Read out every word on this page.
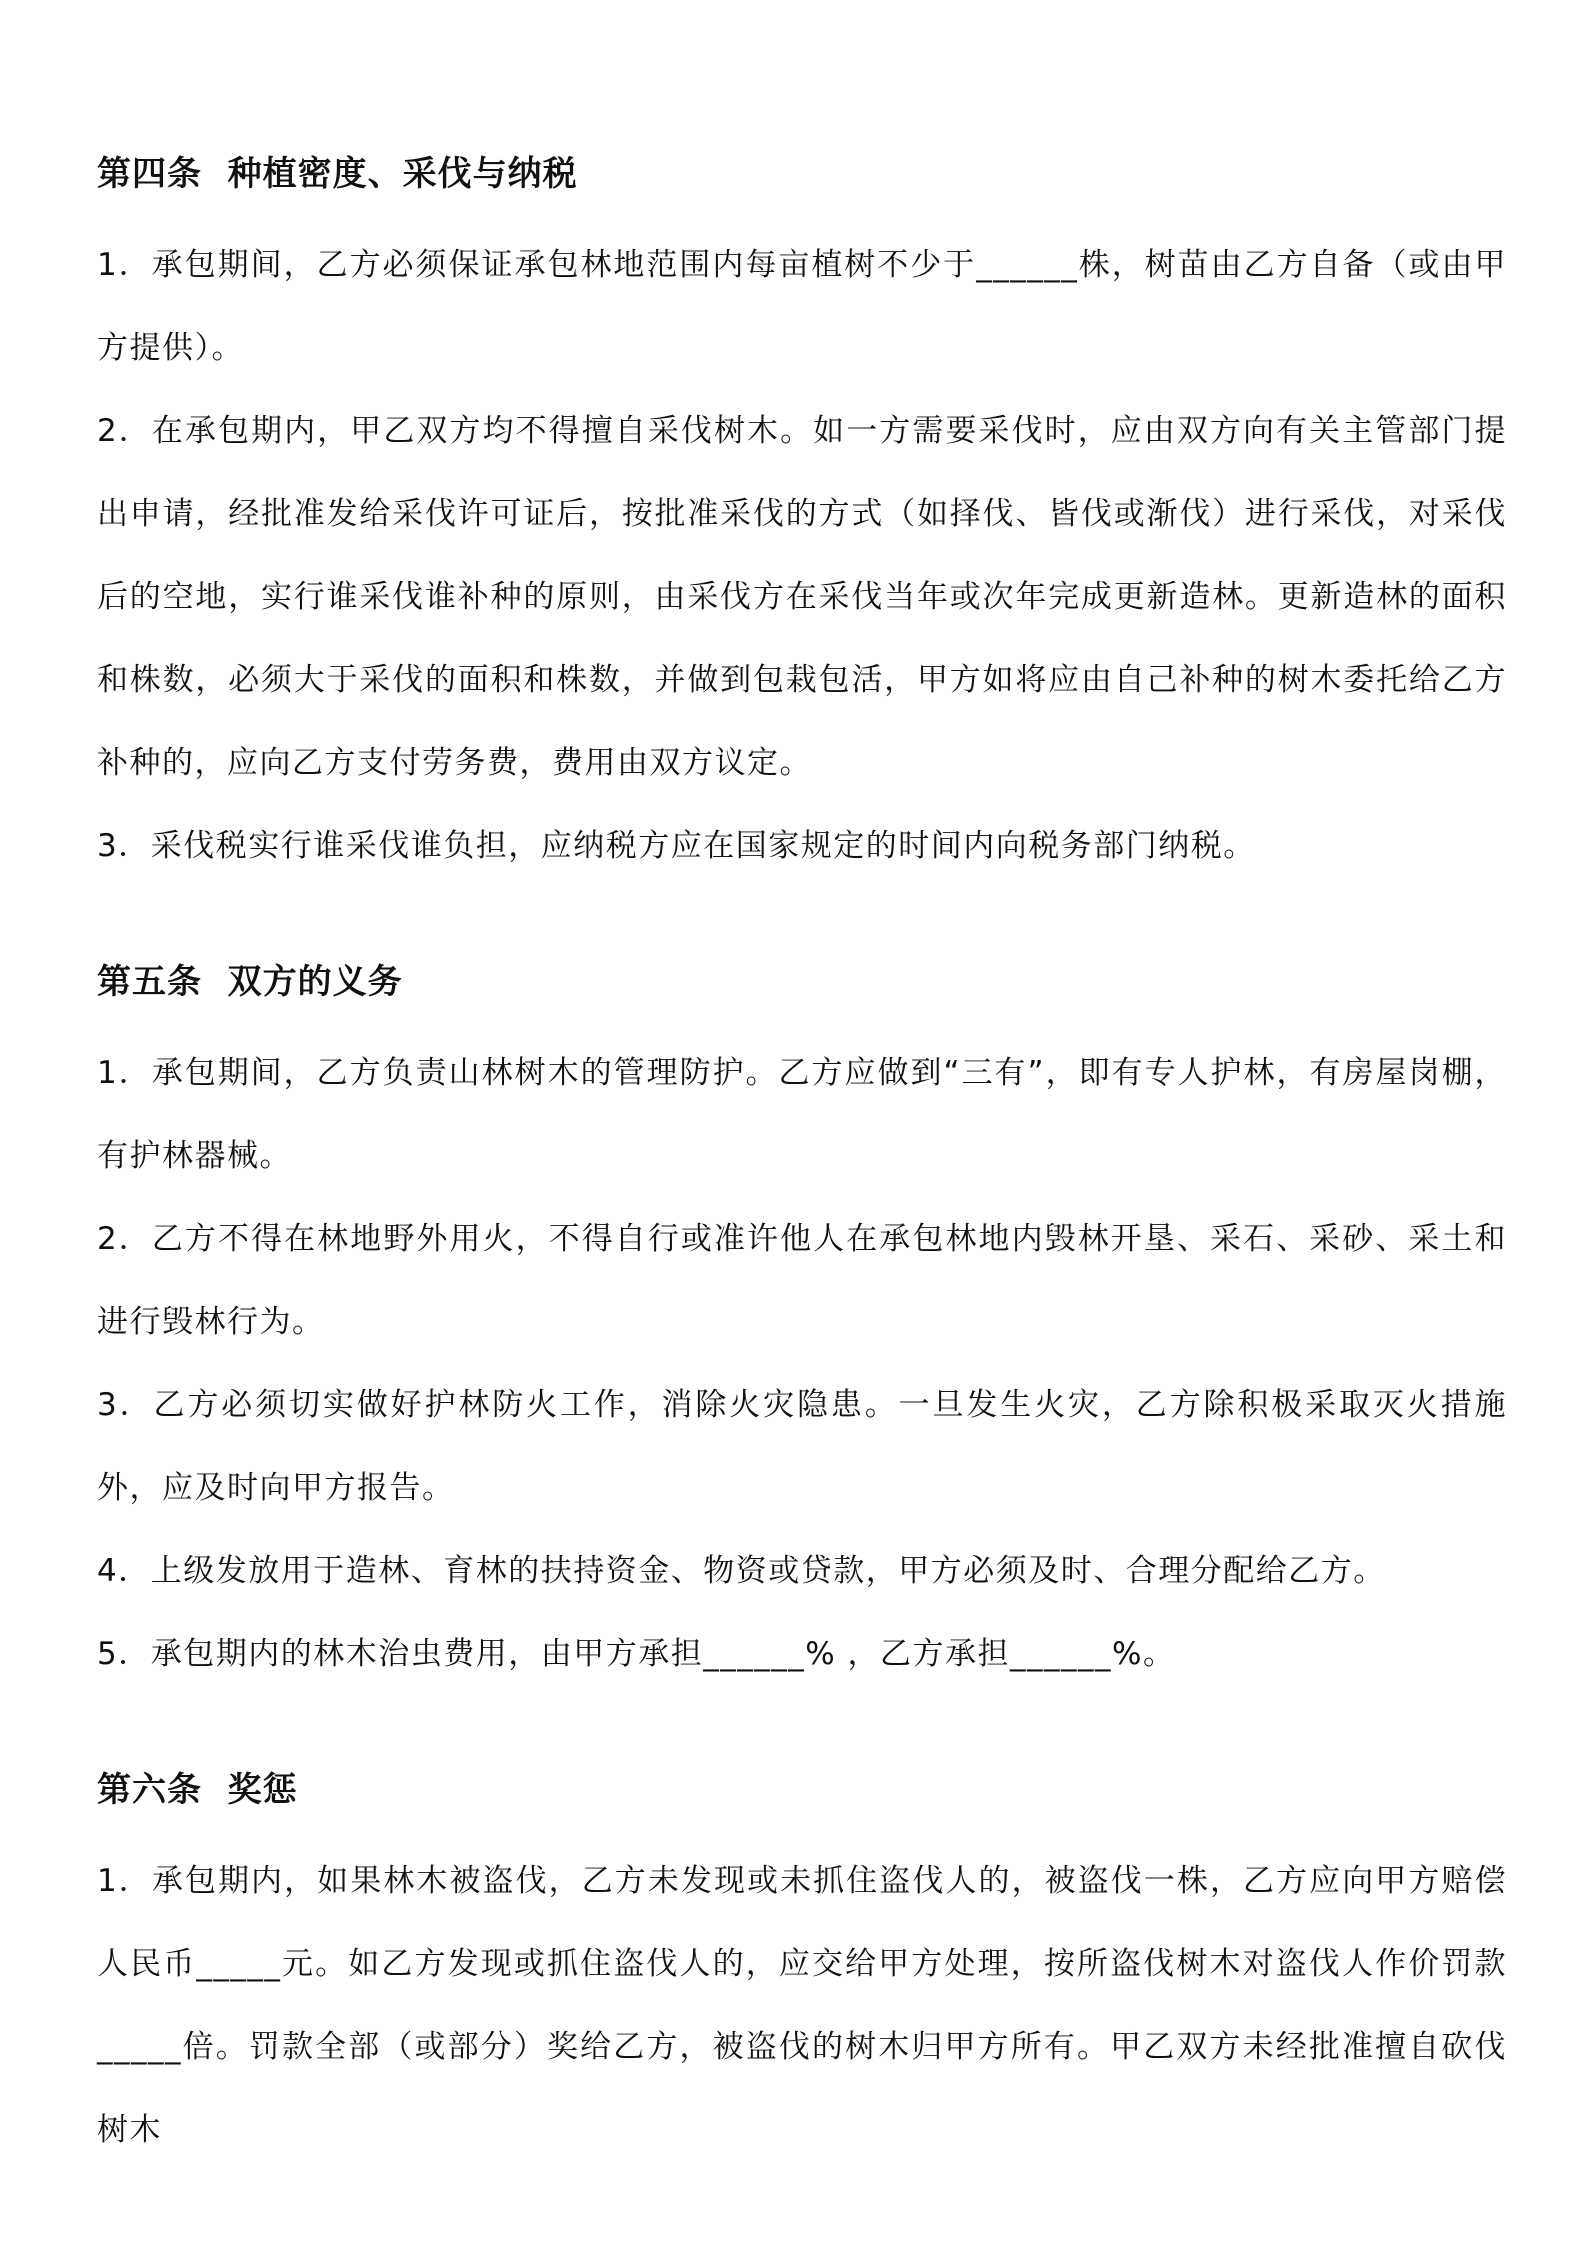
第四条  种植密度、采伐与纳税

1．承包期间，乙方必须保证承包林地范围内每亩植树不少于______株，树苗由乙方自备（或由甲方提供）。

2．在承包期内，甲乙双方均不得擅自采伐树木。如一方需要采伐时，应由双方向有关主管部门提出申请，经批准发给采伐许可证后，按批准采伐的方式（如择伐、皆伐或渐伐）进行采伐，对采伐后的空地，实行谁采伐谁补种的原则，由采伐方在采伐当年或次年完成更新造林。更新造林的面积和株数，必须大于采伐的面积和株数，并做到包栽包活，甲方如将应由自己补种的树木委托给乙方补种的，应向乙方支付劳务费，费用由双方议定。

3．采伐税实行谁采伐谁负担，应纳税方应在国家规定的时间内向税务部门纳税。

第五条  双方的义务

1．承包期间，乙方负责山林树木的管理防护。乙方应做到“三有”，即有专人护林，有房屋岗棚，有护林器械。

2．乙方不得在林地野外用火，不得自行或准许他人在承包林地内毁林开垦、采石、采砂、采土和进行毁林行为。

3．乙方必须切实做好护林防火工作，消除火灾隐患。一旦发生火灾，乙方除积极采取灭火措施外，应及时向甲方报告。

4．上级发放用于造林、育林的扶持资金、物资或贷款，甲方必须及时、合理分配给乙方。

5．承包期内的林木治虫费用，由甲方承担______% ，乙方承担______%。

第六条  奖惩

1．承包期内，如果林木被盗伐，乙方未发现或未抓住盗伐人的，被盗伐一株，乙方应向甲方赔偿人民币_____元。如乙方发现或抓住盗伐人的，应交给甲方处理，按所盗伐树木对盗伐人作价罚款_____倍。罚款全部（或部分）奖给乙方，被盗伐的树木归甲方所有。甲乙双方未经批准擅自砍伐树木
